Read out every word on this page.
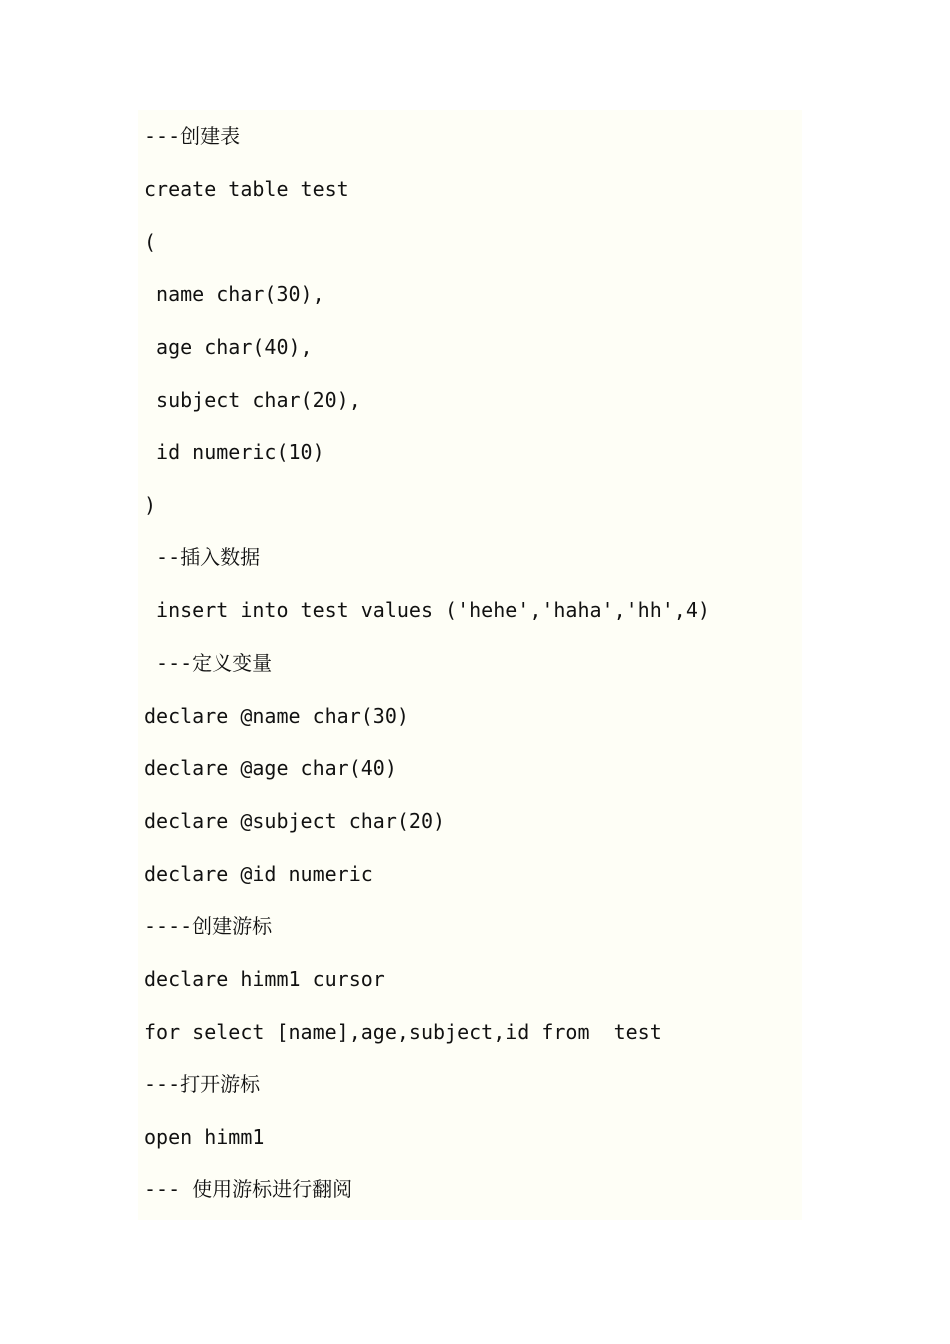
---创建表
create table test
(
name char(30),
age char(40),
subject char(20),
id numeric(10)
)
--插入数据
insert into test values ('hehe','haha','hh',4)
---定义变量
declare @name char(30)
declare @age char(40)
declare @subject char(20)
declare @id numeric
----创建游标
declare himm1 cursor
for select [name],age,subject,id from  test
---打开游标
open himm1
--- 使用游标进行翻阅
